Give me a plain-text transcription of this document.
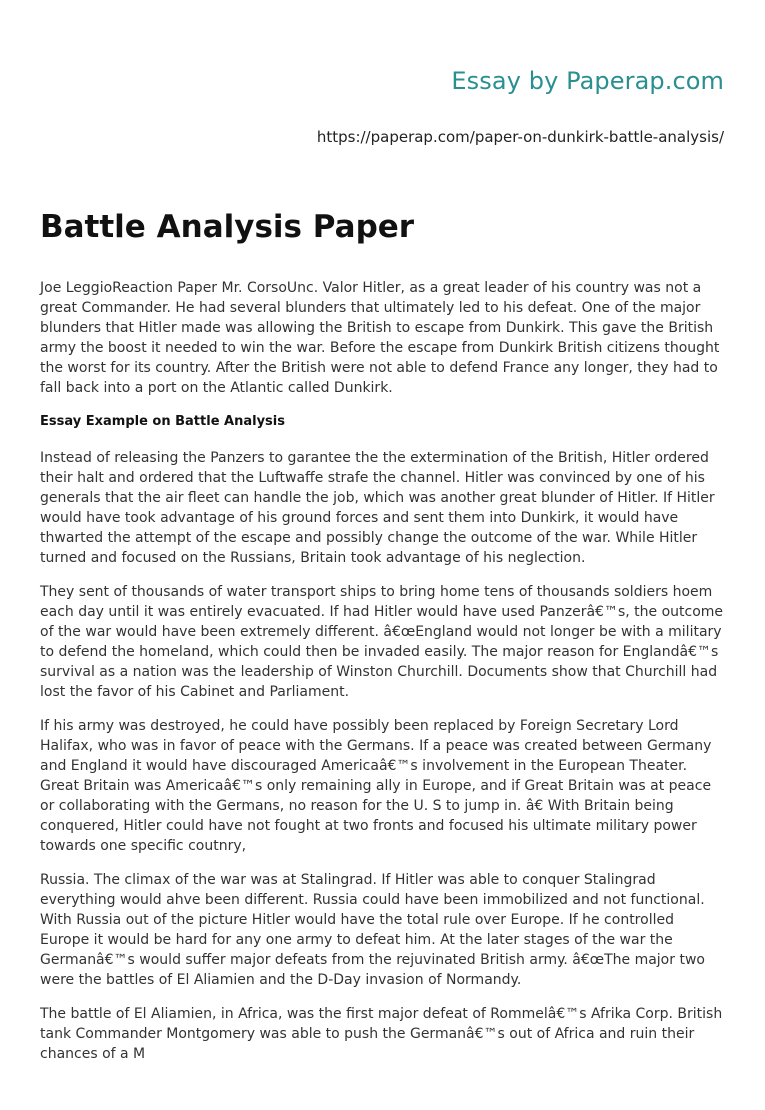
Essay by Paperap.com
https://paperap.com/paper-on-dunkirk-battle-analysis/
Battle Analysis Paper

Joe LeggioReaction Paper Mr. CorsoUnc. Valor Hitler, as a great leader of his country was not a great Commander. He had several blunders that ultimately led to his defeat. One of the major blunders that Hitler made was allowing the British to escape from Dunkirk. This gave the British army the boost it needed to win the war. Before the escape from Dunkirk British citizens thought the worst for its country. After the British were not able to defend France any longer, they had to fall back into a port on the Atlantic called Dunkirk.

Essay Example on Battle Analysis

Instead of releasing the Panzers to garantee the the extermination of the British, Hitler ordered their halt and ordered that the Luftwaffe strafe the channel. Hitler was convinced by one of his generals that the air fleet can handle the job, which was another great blunder of Hitler. If Hitler would have took advantage of his ground forces and sent them into Dunkirk, it would have thwarted the attempt of the escape and possibly change the outcome of the war. While Hitler turned and focused on the Russians, Britain took advantage of his neglection.

They sent of thousands of water transport ships to bring home tens of thousands soldiers hoem each day until it was entirely evacuated. If had Hitler would have used Panzerâ€™s, the outcome of the war would have been extremely different. â€œEngland would not longer be with a military to defend the homeland, which could then be invaded easily. The major reason for Englandâ€™s survival as a nation was the leadership of Winston Churchill. Documents show that Churchill had lost the favor of his Cabinet and Parliament.

If his army was destroyed, he could have possibly been replaced by Foreign Secretary Lord Halifax, who was in favor of peace with the Germans. If a peace was created between Germany and England it would have discouraged Americaâ€™s involvement in the European Theater. Great Britain was Americaâ€™s only remaining ally in Europe, and if Great Britain was at peace or collaborating with the Germans, no reason for the U. S to jump in. â€ With Britain being conquered, Hitler could have not fought at two fronts and focused his ultimate military power towards one specific coutnry,

Russia. The climax of the war was at Stalingrad. If Hitler was able to conquer Stalingrad everything would ahve been different. Russia could have been immobilized and not functional. With Russia out of the picture Hitler would have the total rule over Europe. If he controlled Europe it would be hard for any one army to defeat him. At the later stages of the war the Germanâ€™s would suffer major defeats from the rejuvinated British army. â€œThe major two were the battles of El Aliamien and the D-Day invasion of Normandy.

The battle of El Aliamien, in Africa, was the first major defeat of Rommelâ€™s Afrika Corp. British tank Commander Montgomery was able to push the Germanâ€™s out of Africa and ruin their chances of a M
